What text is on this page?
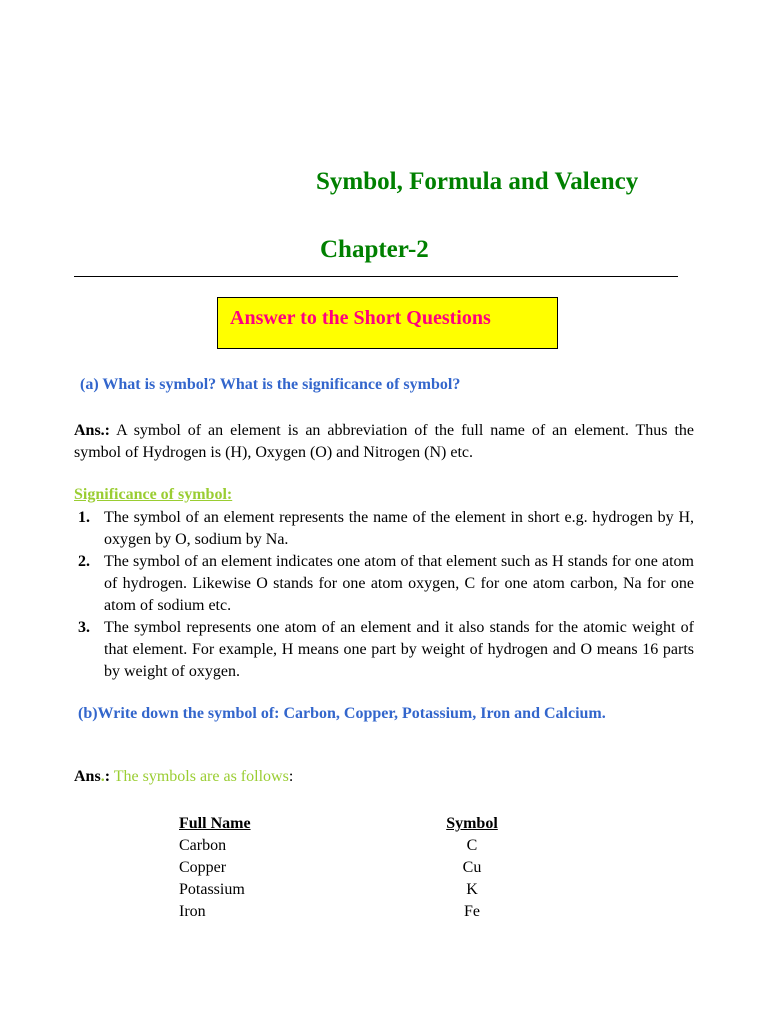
Symbol, Formula and Valency
Chapter-2
Answer to the Short Questions
(a) What is symbol? What is the significance of symbol?
Ans.: A symbol of an element is an abbreviation of the full name of an element. Thus the symbol of Hydrogen is (H), Oxygen (O) and Nitrogen (N) etc.
Significance of symbol:
1. The symbol of an element represents the name of the element in short e.g. hydrogen by H, oxygen by O, sodium by Na.
2. The symbol of an element indicates one atom of that element such as H stands for one atom of hydrogen. Likewise O stands for one atom oxygen, C for one atom carbon, Na for one atom of sodium etc.
3. The symbol represents one atom of an element and it also stands for the atomic weight of that element. For example, H means one part by weight of hydrogen and O means 16 parts by weight of oxygen.
(b)Write down the symbol of: Carbon, Copper, Potassium, Iron and Calcium.
Ans.: The symbols are as follows:
Full Name	Symbol
Carbon	C
Copper	Cu
Potassium	K
Iron	Fe
